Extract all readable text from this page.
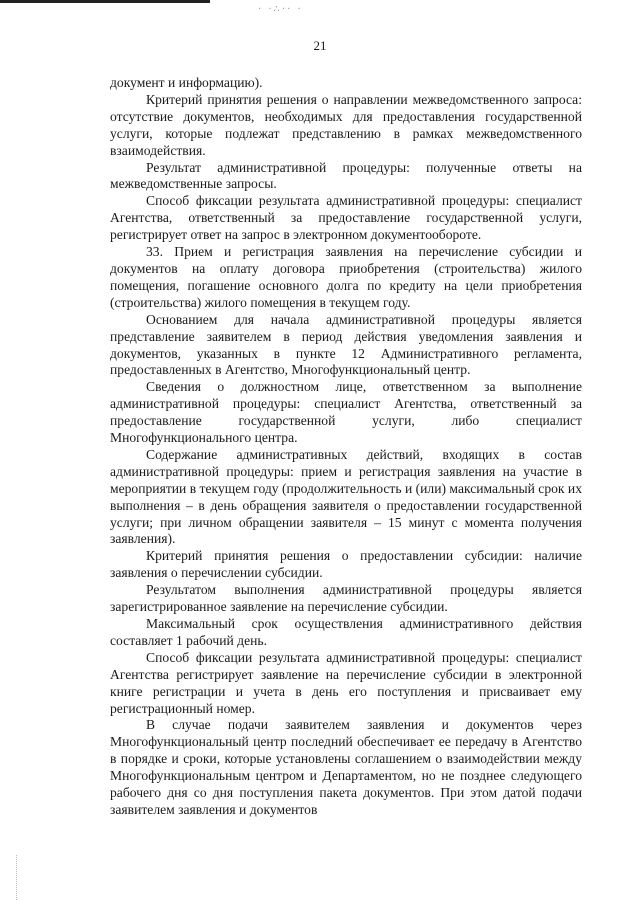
· ·∴·· ·
21

документ и информацию).

Критерий принятия решения о направлении межведомственного запроса: отсутствие документов, необходимых для предоставления государственной услуги, которые подлежат представлению в рамках межведомственного взаимодействия.

Результат административной процедуры: полученные ответы на межведомственные запросы.

Способ фиксации результата административной процедуры: специалист Агентства, ответственный за предоставление государственной услуги, регистрирует ответ на запрос в электронном документообороте.

33. Прием и регистрация заявления на перечисление субсидии и документов на оплату договора приобретения (строительства) жилого помещения, погашение основного долга по кредиту на цели приобретения (строительства) жилого помещения в текущем году.

Основанием для начала административной процедуры является представление заявителем в период действия уведомления заявления и документов, указанных в пункте 12 Административного регламента, предоставленных в Агентство, Многофункциональный центр.

Сведения о должностном лице, ответственном за выполнение административной процедуры: специалист Агентства, ответственный за предоставление государственной услуги, либо специалист Многофункционального центра.

Содержание административных действий, входящих в состав административной процедуры: прием и регистрация заявления на участие в мероприятии в текущем году (продолжительность и (или) максимальный срок их выполнения – в день обращения заявителя о предоставлении государственной услуги; при личном обращении заявителя – 15 минут с момента получения заявления).

Критерий принятия решения о предоставлении субсидии: наличие заявления о перечислении субсидии.

Результатом выполнения административной процедуры является зарегистрированное заявление на перечисление субсидии.

Максимальный срок осуществления административного действия составляет 1 рабочий день.

Способ фиксации результата административной процедуры: специалист Агентства регистрирует заявление на перечисление субсидии в электронной книге регистрации и учета в день его поступления и присваивает ему регистрационный номер.

В случае подачи заявителем заявления и документов через Многофункциональный центр последний обеспечивает ее передачу в Агентство в порядке и сроки, которые установлены соглашением о взаимодействии между Многофункциональным центром и Департаментом, но не позднее следующего рабочего дня со дня поступления пакета документов. При этом датой подачи заявителем заявления и документов
